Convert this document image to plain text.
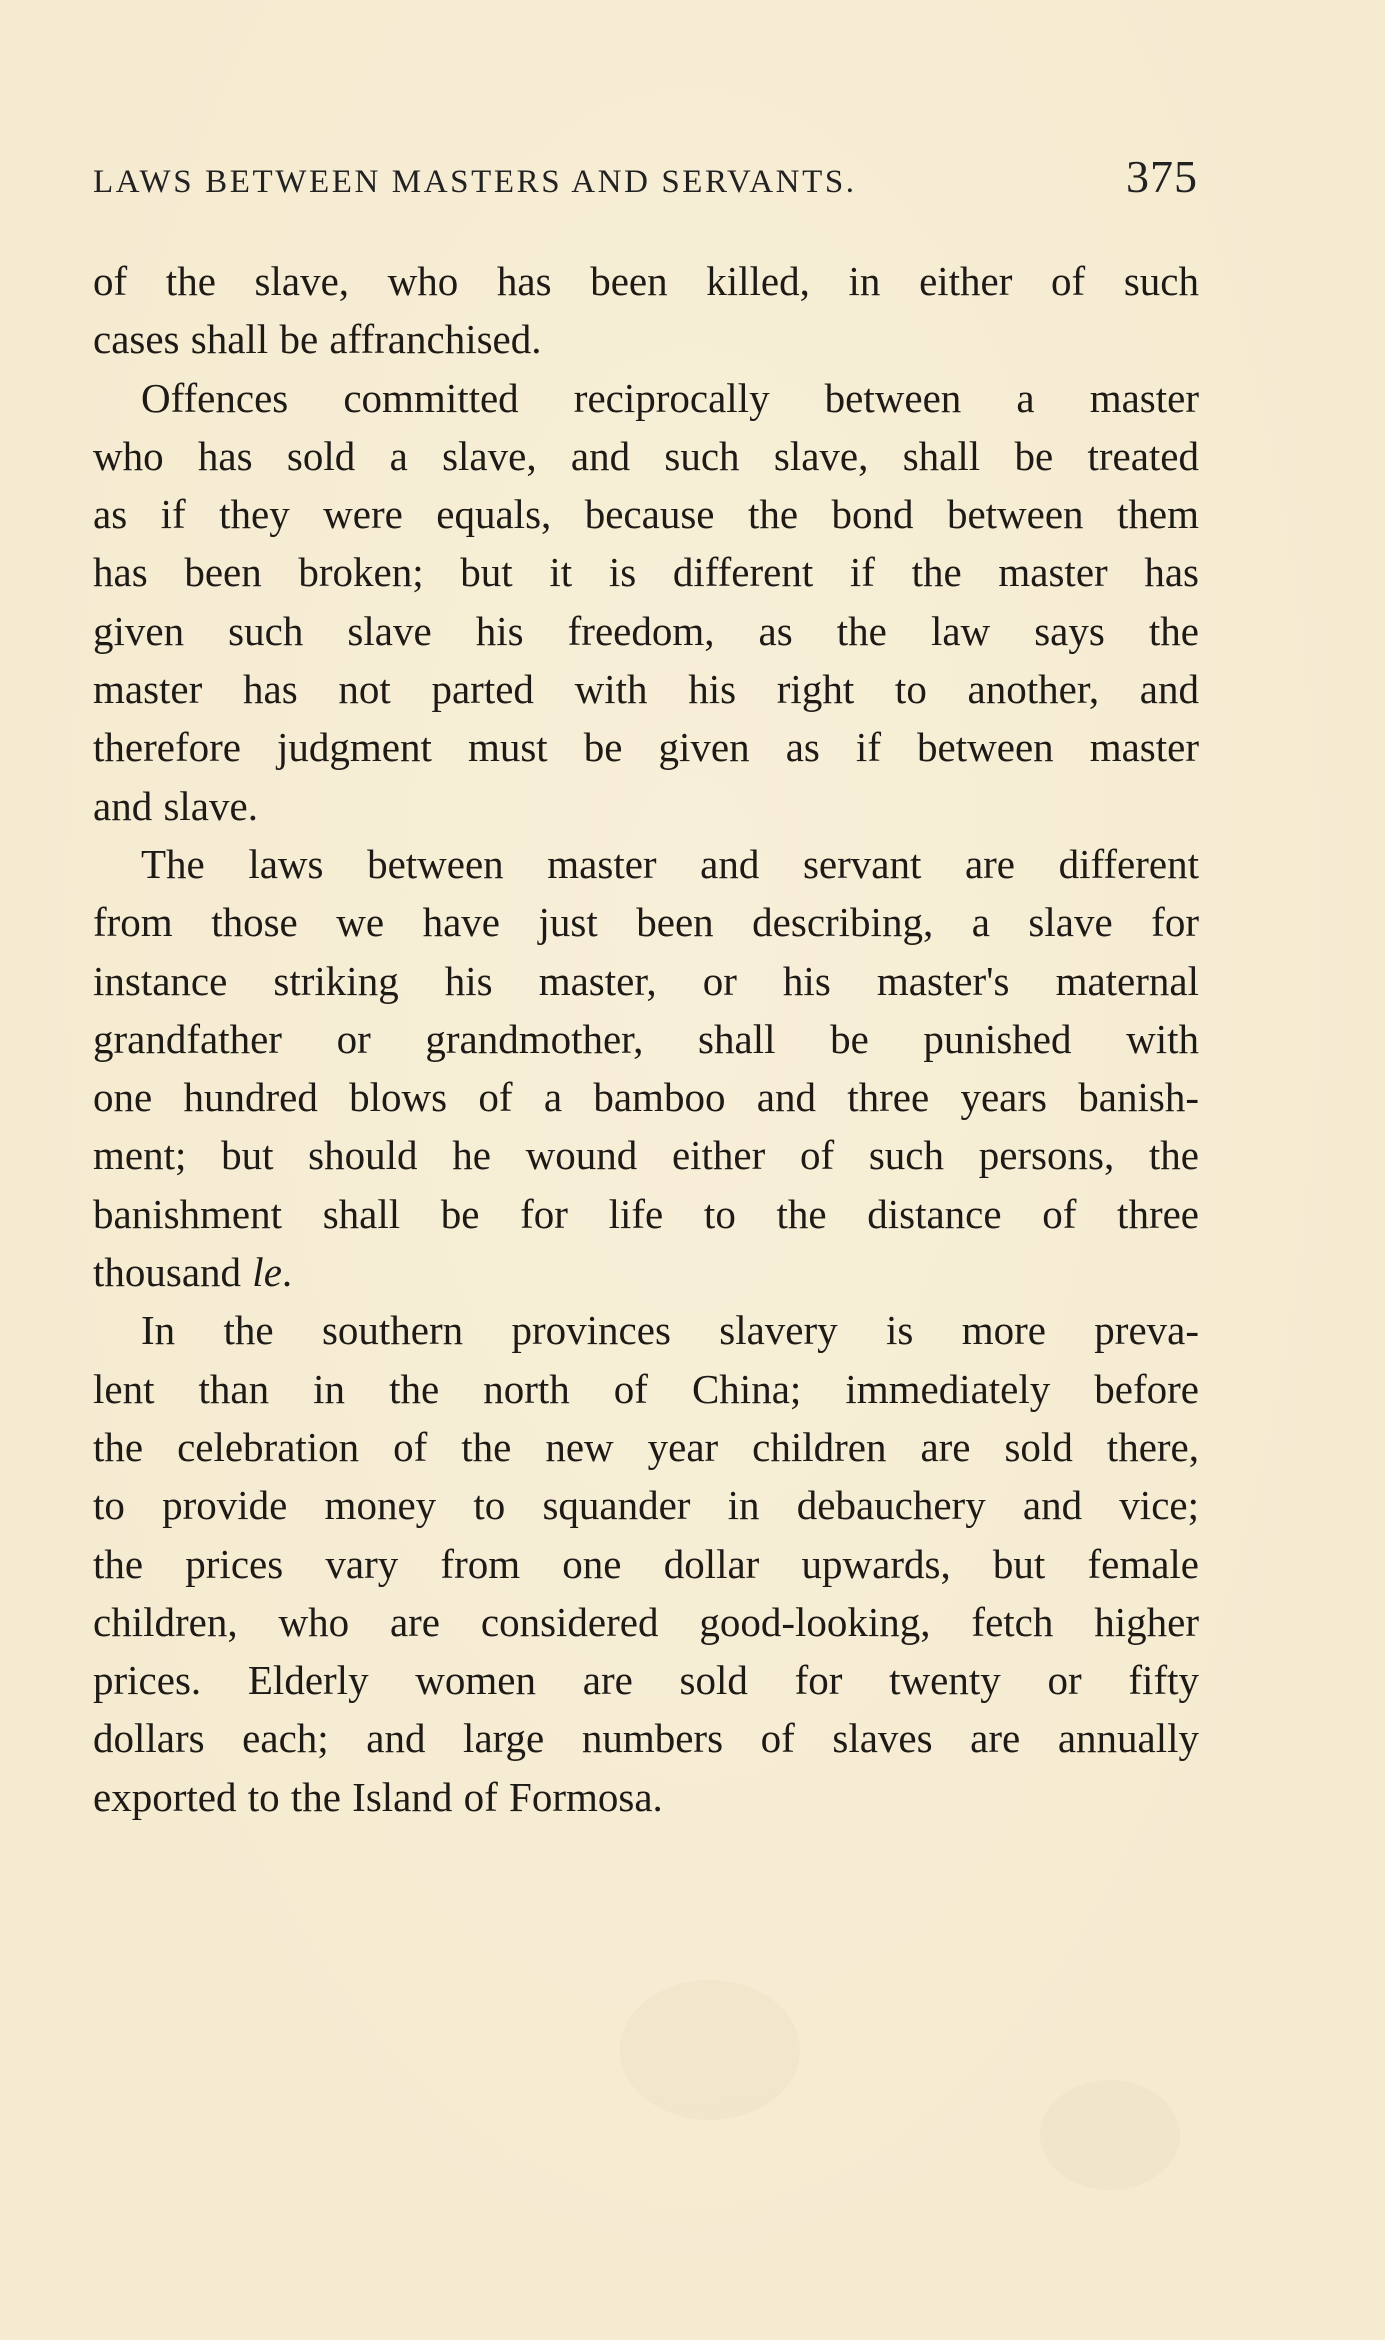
LAWS BETWEEN MASTERS AND SERVANTS.	375

of the slave, who has been killed, in either of such
cases shall be affranchised.

Offences committed reciprocally between a master
who has sold a slave, and such slave, shall be treated
as if they were equals, because the bond between them
has been broken; but it is different if the master has
given such slave his freedom, as the law says the
master has not parted with his right to another, and
therefore judgment must be given as if between master
and slave.

The laws between master and servant are different
from those we have just been describing, a slave for
instance striking his master, or his master's maternal
grandfather or grandmother, shall be punished with
one hundred blows of a bamboo and three years banish-
ment; but should he wound either of such persons, the
banishment shall be for life to the distance of three
thousand le.

In the southern provinces slavery is more preva-
lent than in the north of China; immediately before
the celebration of the new year children are sold there,
to provide money to squander in debauchery and vice;
the prices vary from one dollar upwards, but female
children, who are considered good-looking, fetch higher
prices. Elderly women are sold for twenty or fifty
dollars each; and large numbers of slaves are annually
exported to the Island of Formosa.
